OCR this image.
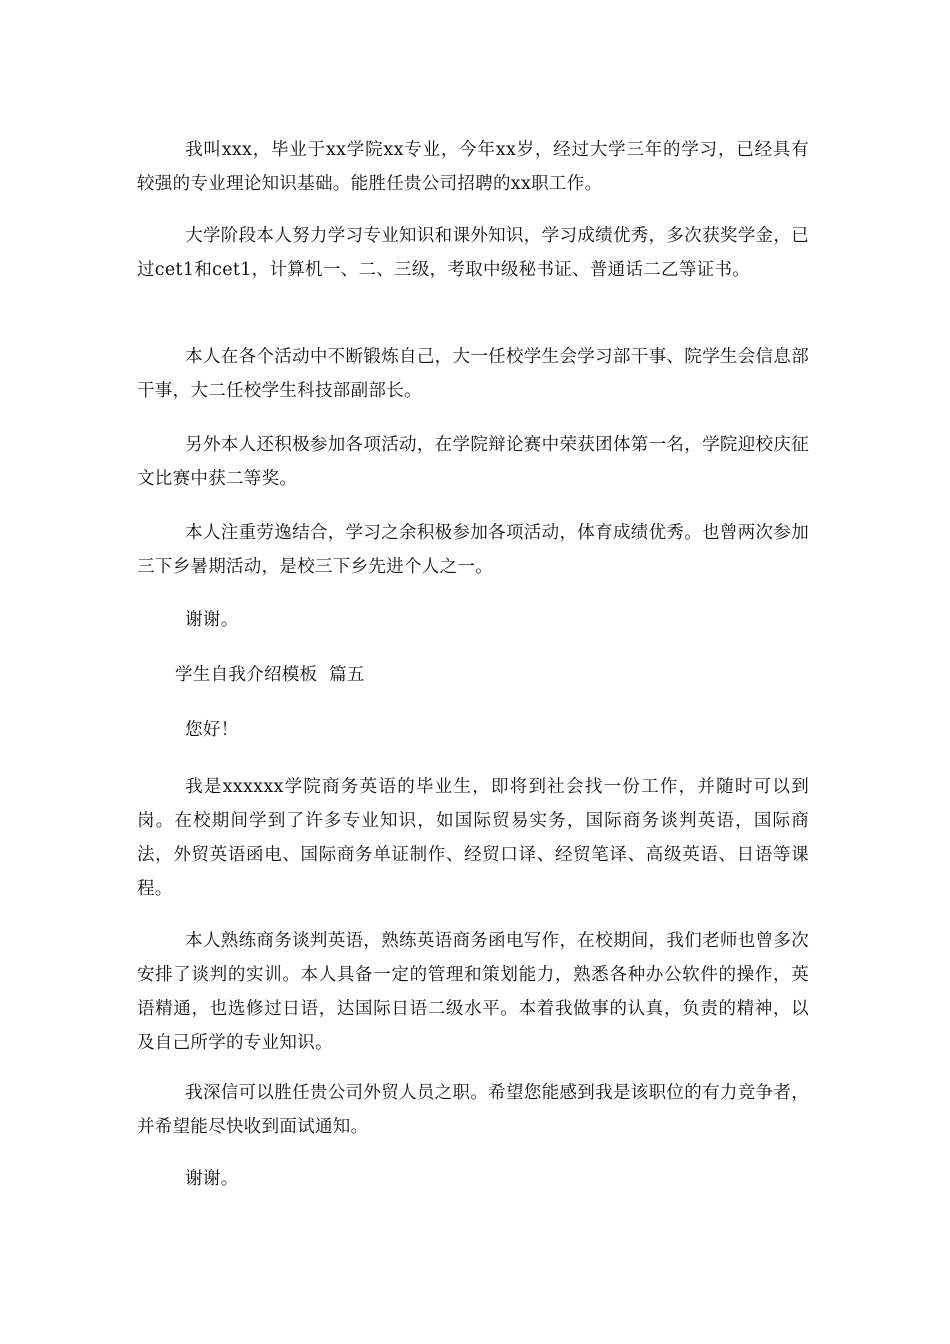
我叫xxx，毕业于xx学院xx专业，今年xx岁，经过大学三年的学习，已经具有较强的专业理论知识基础。能胜任贵公司招聘的xx职工作。

大学阶段本人努力学习专业知识和课外知识，学习成绩优秀，多次获奖学金，已过cet1和cet1，计算机一、二、三级，考取中级秘书证、普通话二乙等证书。

本人在各个活动中不断锻炼自己，大一任校学生会学习部干事、院学生会信息部干事，大二任校学生科技部副部长。

另外本人还积极参加各项活动，在学院辩论赛中荣获团体第一名，学院迎校庆征文比赛中获二等奖。

本人注重劳逸结合，学习之余积极参加各项活动，体育成绩优秀。也曾两次参加三下乡暑期活动，是校三下乡先进个人之一。

谢谢。

学生自我介绍模板  篇五

您好！

我是xxxxxx学院商务英语的毕业生，即将到社会找一份工作，并随时可以到岗。在校期间学到了许多专业知识，如国际贸易实务，国际商务谈判英语，国际商法，外贸英语函电、国际商务单证制作、经贸口译、经贸笔译、高级英语、日语等课程。

本人熟练商务谈判英语，熟练英语商务函电写作，在校期间，我们老师也曾多次安排了谈判的实训。本人具备一定的管理和策划能力，熟悉各种办公软件的操作，英语精通，也选修过日语，达国际日语二级水平。本着我做事的认真，负责的精神，以及自己所学的专业知识。

我深信可以胜任贵公司外贸人员之职。希望您能感到我是该职位的有力竞争者，并希望能尽快收到面试通知。

谢谢。
